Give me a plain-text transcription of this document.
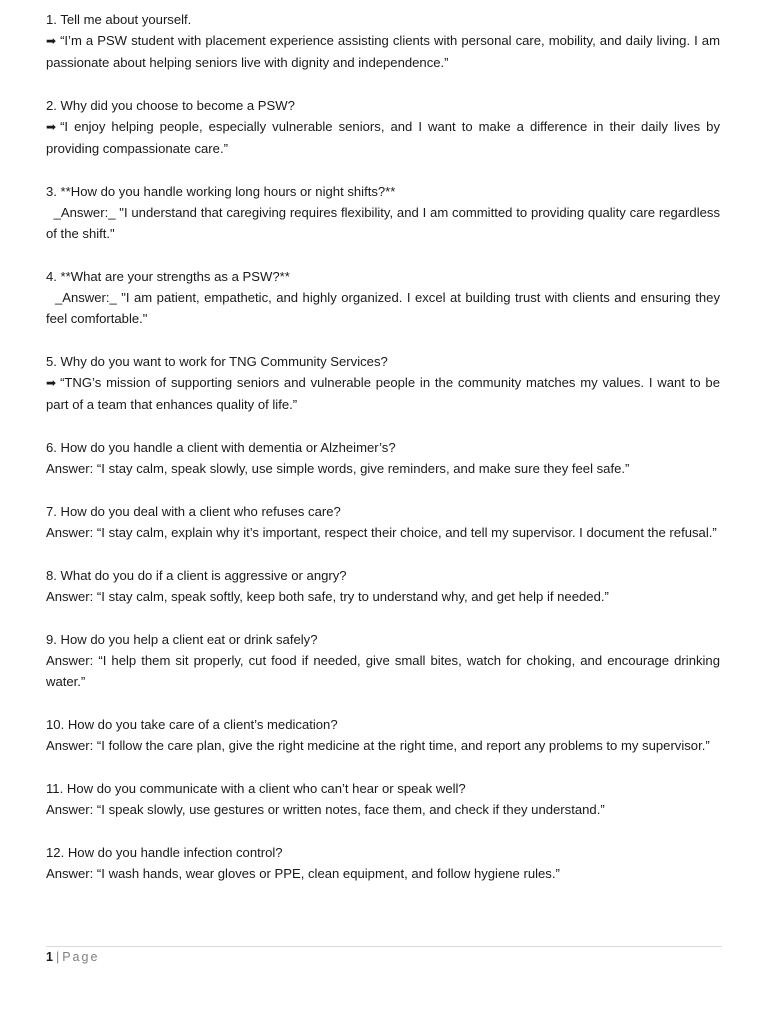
1. Tell me about yourself.

➡ “I’m a PSW student with placement experience assisting clients with personal care, mobility, and daily living. I am passionate about helping seniors live with dignity and independence.”

2. Why did you choose to become a PSW?

➡ “I enjoy helping people, especially vulnerable seniors, and I want to make a difference in their daily lives by providing compassionate care.”

3. **How do you handle working long hours or night shifts?**

_Answer:_ "I understand that caregiving requires flexibility, and I am committed to providing quality care regardless of the shift."

4. **What are your strengths as a PSW?**

_Answer:_ "I am patient, empathetic, and highly organized. I excel at building trust with clients and ensuring they feel comfortable."

5. Why do you want to work for TNG Community Services?

➡ “TNG’s mission of supporting seniors and vulnerable people in the community matches my values. I want to be part of a team that enhances quality of life.”

6. How do you handle a client with dementia or Alzheimer’s?

Answer: “I stay calm, speak slowly, use simple words, give reminders, and make sure they feel safe.”

7. How do you deal with a client who refuses care?

Answer: “I stay calm, explain why it’s important, respect their choice, and tell my supervisor. I document the refusal.”

8. What do you do if a client is aggressive or angry?

Answer: “I stay calm, speak softly, keep both safe, try to understand why, and get help if needed.”

9. How do you help a client eat or drink safely?

Answer: “I help them sit properly, cut food if needed, give small bites, watch for choking, and encourage drinking water.”

10. How do you take care of a client’s medication?

Answer: “I follow the care plan, give the right medicine at the right time, and report any problems to my supervisor.”

11. How do you communicate with a client who can’t hear or speak well?

Answer: “I speak slowly, use gestures or written notes, face them, and check if they understand.”

12. How do you handle infection control?

Answer: “I wash hands, wear gloves or PPE, clean equipment, and follow hygiene rules.”

1 | Page
